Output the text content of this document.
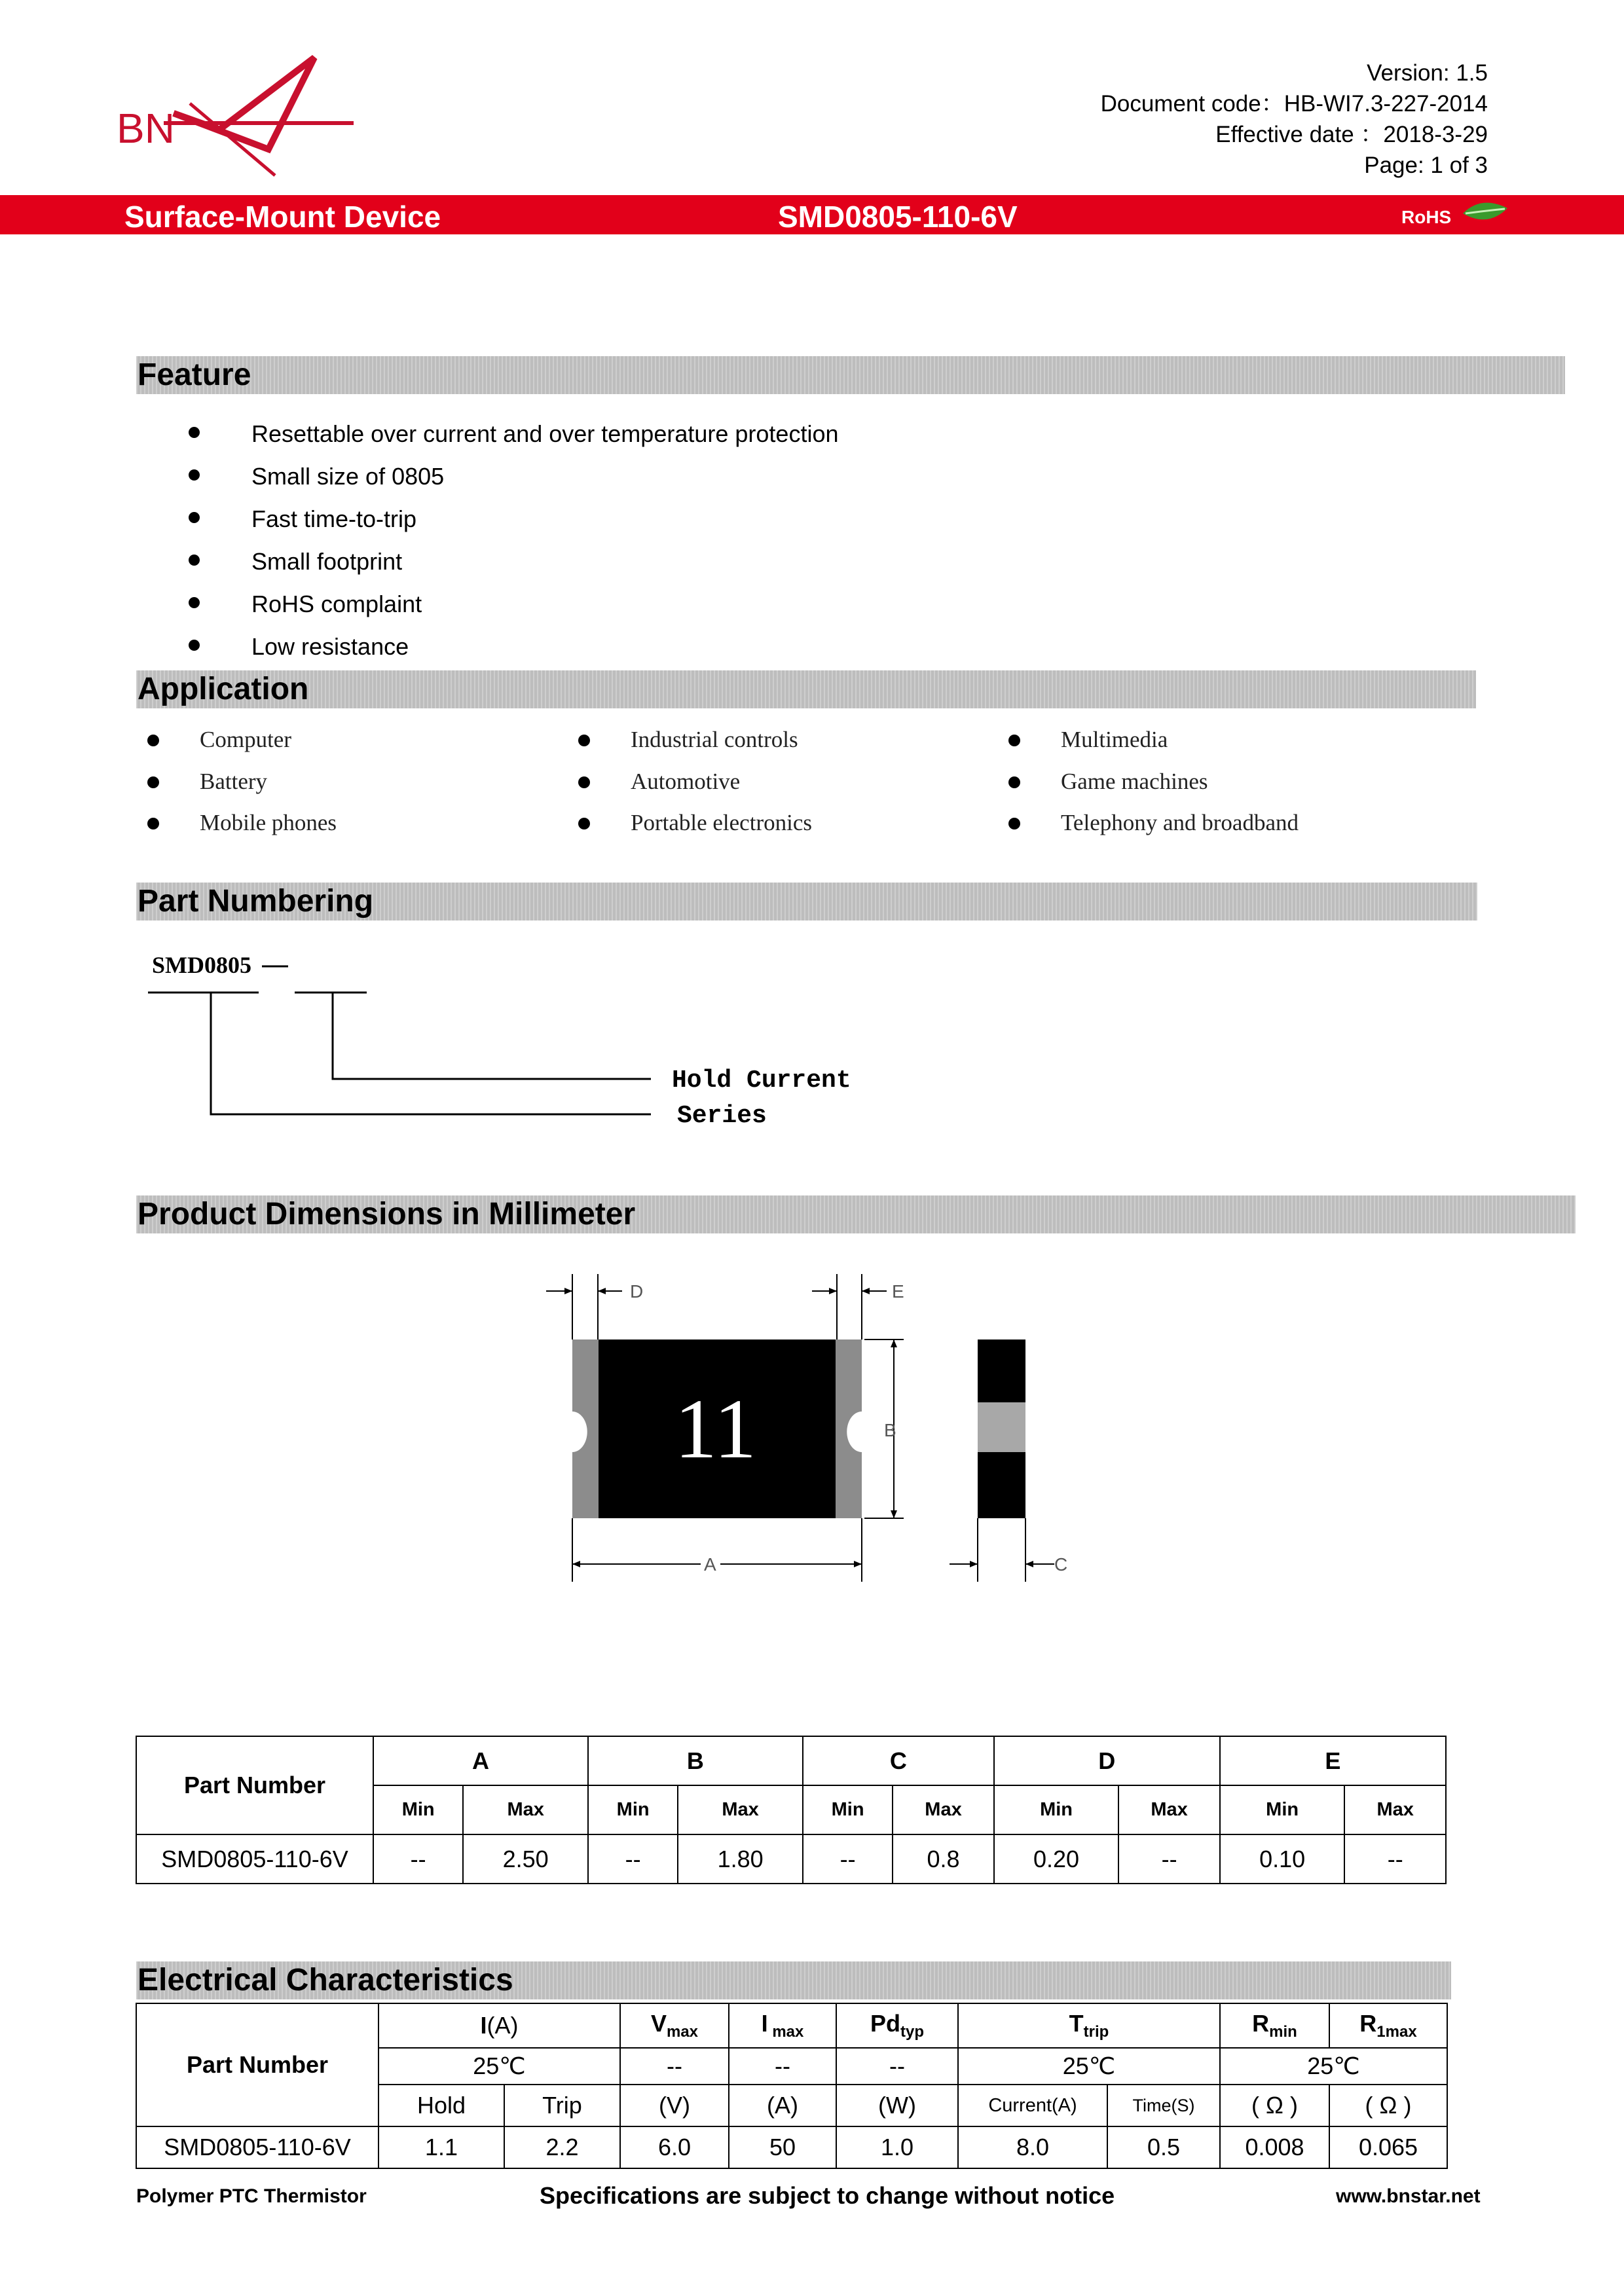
BN
Version: 1.5
Document code：HB-WI7.3-227-2014
Effective date ：2018-3-29
Page: 1 of 3
Surface-Mount Device	SMD0805-110-6V	RoHS
Feature
Resettable over current and over temperature protection
Small size of 0805
Fast time-to-trip
Small footprint
RoHS complaint
Low resistance
Application
Computer	Industrial controls	Multimedia
Battery	Automotive	Game machines
Mobile phones	Portable electronics	Telephony and broadband
Part Numbering
SMD0805
Hold Current
Series
Product Dimensions in Millimeter
D	E
B
A	C
11
Part Number	A		B		C		D		E	
	Min	Max	Min	Max	Min	Max	Min	Max	Min	Max
SMD0805-110-6V	--	2.50	--	1.80	--	0.8	0.20	--	0.10	--
Electrical Characteristics
Part Number	I(A)		$V_{max}$	I $_{max}$	$Pd_{typ}$	$T_{trip}$		$R_{min}$	$R_{1max}$
	25℃		--	--	--	25℃		25℃	
	Hold	Trip	(V)	(A)	(W)	Current(A)	Time(S)	( Ω )	( Ω )
SMD0805-110-6V	1.1	2.2	6.0	50	1.0	8.0	0.5	0.008	0.065
Polymer PTC Thermistor	Specifications are subject to change without notice	www.bnstar.net
